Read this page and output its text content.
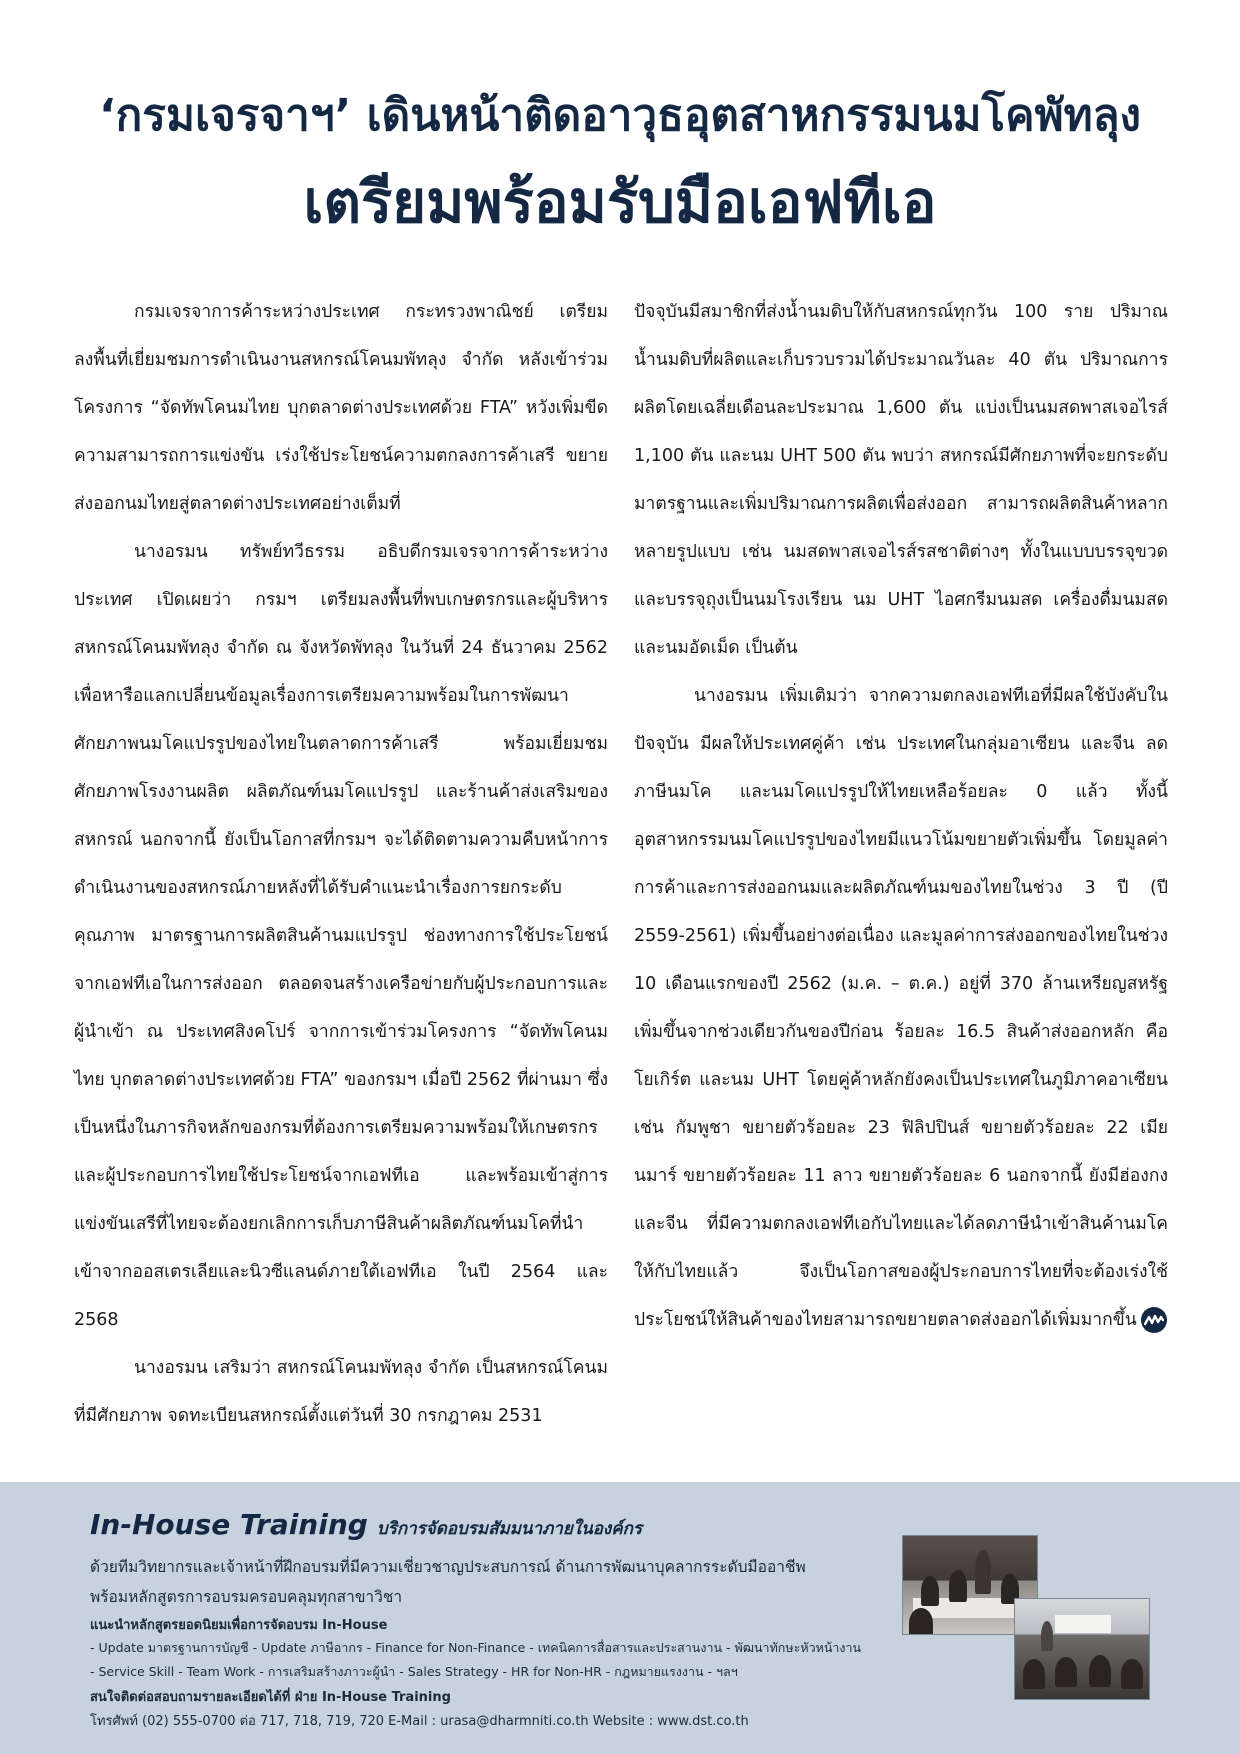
‘กรมเจรจาฯ’ เดินหน้าติดอาวุธอุตสาหกรรมนมโคพัทลุง
เตรียมพร้อมรับมือเอฟทีเอ

กรมเจรจาการค้าระหว่างประเทศ กระทรวงพาณิชย์ เตรียมลงพื้นที่เยี่ยมชมการดำเนินงานสหกรณ์โคนมพัทลุง จำกัด หลังเข้าร่วมโครงการ “จัดทัพโคนมไทย บุกตลาดต่างประเทศด้วย FTA” หวังเพิ่มขีดความสามารถการแข่งขัน เร่งใช้ประโยชน์ความตกลงการค้าเสรี ขยายส่งออกนมไทยสู่ตลาดต่างประเทศอย่างเต็มที่

นางอรมน ทรัพย์ทวีธรรม อธิบดีกรมเจรจาการค้าระหว่างประเทศ เปิดเผยว่า กรมฯ เตรียมลงพื้นที่พบเกษตรกรและผู้บริหารสหกรณ์โคนมพัทลุง จำกัด ณ จังหวัดพัทลุง ในวันที่ 24 ธันวาคม 2562 เพื่อหารือแลกเปลี่ยนข้อมูลเรื่องการเตรียมความพร้อมในการพัฒนาศักยภาพนมโคแปรรูปของไทยในตลาดการค้าเสรี พร้อมเยี่ยมชมศักยภาพโรงงานผลิต ผลิตภัณฑ์นมโคแปรรูป และร้านค้าส่งเสริมของสหกรณ์ นอกจากนี้ ยังเป็นโอกาสที่กรมฯ จะได้ติดตามความคืบหน้าการดำเนินงานของสหกรณ์ภายหลังที่ได้รับคำแนะนำเรื่องการยกระดับคุณภาพ มาตรฐานการผลิตสินค้านมแปรรูป ช่องทางการใช้ประโยชน์จากเอฟทีเอในการส่งออก ตลอดจนสร้างเครือข่ายกับผู้ประกอบการและผู้นำเข้า ณ ประเทศสิงคโปร์ จากการเข้าร่วมโครงการ “จัดทัพโคนมไทย บุกตลาดต่างประเทศด้วย FTA” ของกรมฯ เมื่อปี 2562 ที่ผ่านมา ซึ่งเป็นหนึ่งในภารกิจหลักของกรมที่ต้องการเตรียมความพร้อมให้เกษตรกร และผู้ประกอบการไทยใช้ประโยชน์จากเอฟทีเอ และพร้อมเข้าสู่การแข่งขันเสรีที่ไทยจะต้องยกเลิกการเก็บภาษีสินค้าผลิตภัณฑ์นมโคที่นำเข้าจากออสเตรเลียและนิวซีแลนด์ภายใต้เอฟทีเอ ในปี 2564 และ 2568

นางอรมน เสริมว่า สหกรณ์โคนมพัทลุง จำกัด เป็นสหกรณ์โคนมที่มีศักยภาพ จดทะเบียนสหกรณ์ตั้งแต่วันที่ 30 กรกฎาคม 2531

ปัจจุบันมีสมาชิกที่ส่งน้ำนมดิบให้กับสหกรณ์ทุกวัน 100 ราย ปริมาณน้ำนมดิบที่ผลิตและเก็บรวบรวมได้ประมาณวันละ 40 ตัน ปริมาณการผลิตโดยเฉลี่ยเดือนละประมาณ 1,600 ตัน แบ่งเป็นนมสดพาสเจอไรส์ 1,100 ตัน และนม UHT 500 ตัน พบว่า สหกรณ์มีศักยภาพที่จะยกระดับมาตรฐานและเพิ่มปริมาณการผลิตเพื่อส่งออก สามารถผลิตสินค้าหลากหลายรูปแบบ เช่น นมสดพาสเจอไรส์รสชาติต่างๆ ทั้งในแบบบรรจุขวด และบรรจุถุงเป็นนมโรงเรียน นม UHT ไอศกรีมนมสด เครื่องดื่มนมสด และนมอัดเม็ด เป็นต้น

นางอรมน เพิ่มเติมว่า จากความตกลงเอฟทีเอที่มีผลใช้บังคับในปัจจุบัน มีผลให้ประเทศคู่ค้า เช่น ประเทศในกลุ่มอาเซียน และจีน ลดภาษีนมโค และนมโคแปรรูปให้ไทยเหลือร้อยละ 0 แล้ว ทั้งนี้อุตสาหกรรมนมโคแปรรูปของไทยมีแนวโน้มขยายตัวเพิ่มขึ้น โดยมูลค่าการค้าและการส่งออกนมและผลิตภัณฑ์นมของไทยในช่วง 3 ปี (ปี 2559-2561) เพิ่มขึ้นอย่างต่อเนื่อง และมูลค่าการส่งออกของไทยในช่วง 10 เดือนแรกของปี 2562 (ม.ค. – ต.ค.) อยู่ที่ 370 ล้านเหรียญสหรัฐ เพิ่มขึ้นจากช่วงเดียวกันของปีก่อน ร้อยละ 16.5 สินค้าส่งออกหลัก คือ โยเกิร์ต และนม UHT โดยคู่ค้าหลักยังคงเป็นประเทศในภูมิภาคอาเซียน เช่น กัมพูชา ขยายตัวร้อยละ 23 ฟิลิปปินส์ ขยายตัวร้อยละ 22 เมียนมาร์ ขยายตัวร้อยละ 11 ลาว ขยายตัวร้อยละ 6 นอกจากนี้ ยังมีฮ่องกง และจีน ที่มีความตกลงเอฟทีเอกับไทยและได้ลดภาษีนำเข้าสินค้านมโคให้กับไทยแล้ว จึงเป็นโอกาสของผู้ประกอบการไทยที่จะต้องเร่งใช้ประโยชน์ให้สินค้าของไทยสามารถขยายตลาดส่งออกได้เพิ่มมากขึ้น

In-House Training บริการจัดอบรมสัมมนาภายในองค์กร
ด้วยทีมวิทยากรและเจ้าหน้าที่ฝึกอบรมที่มีความเชี่ยวชาญประสบการณ์ ด้านการพัฒนาบุคลากรระดับมืออาชีพ
พร้อมหลักสูตรการอบรมครอบคลุมทุกสาขาวิชา
แนะนำหลักสูตรยอดนิยมเพื่อการจัดอบรม In-House
- Update มาตรฐานการบัญชี - Update ภาษีอากร - Finance for Non-Finance - เทคนิคการสื่อสารและประสานงาน - พัฒนาทักษะหัวหน้างาน
- Service Skill - Team Work - การเสริมสร้างภาวะผู้นำ - Sales Strategy - HR for Non-HR - กฎหมายแรงงาน - ฯลฯ
สนใจติดต่อสอบถามรายละเอียดได้ที่ ฝ่าย In-House Training
โทรศัพท์ (02) 555-0700 ต่อ 717, 718, 719, 720 E-Mail : urasa@dharmniti.co.th Website : www.dst.co.th
